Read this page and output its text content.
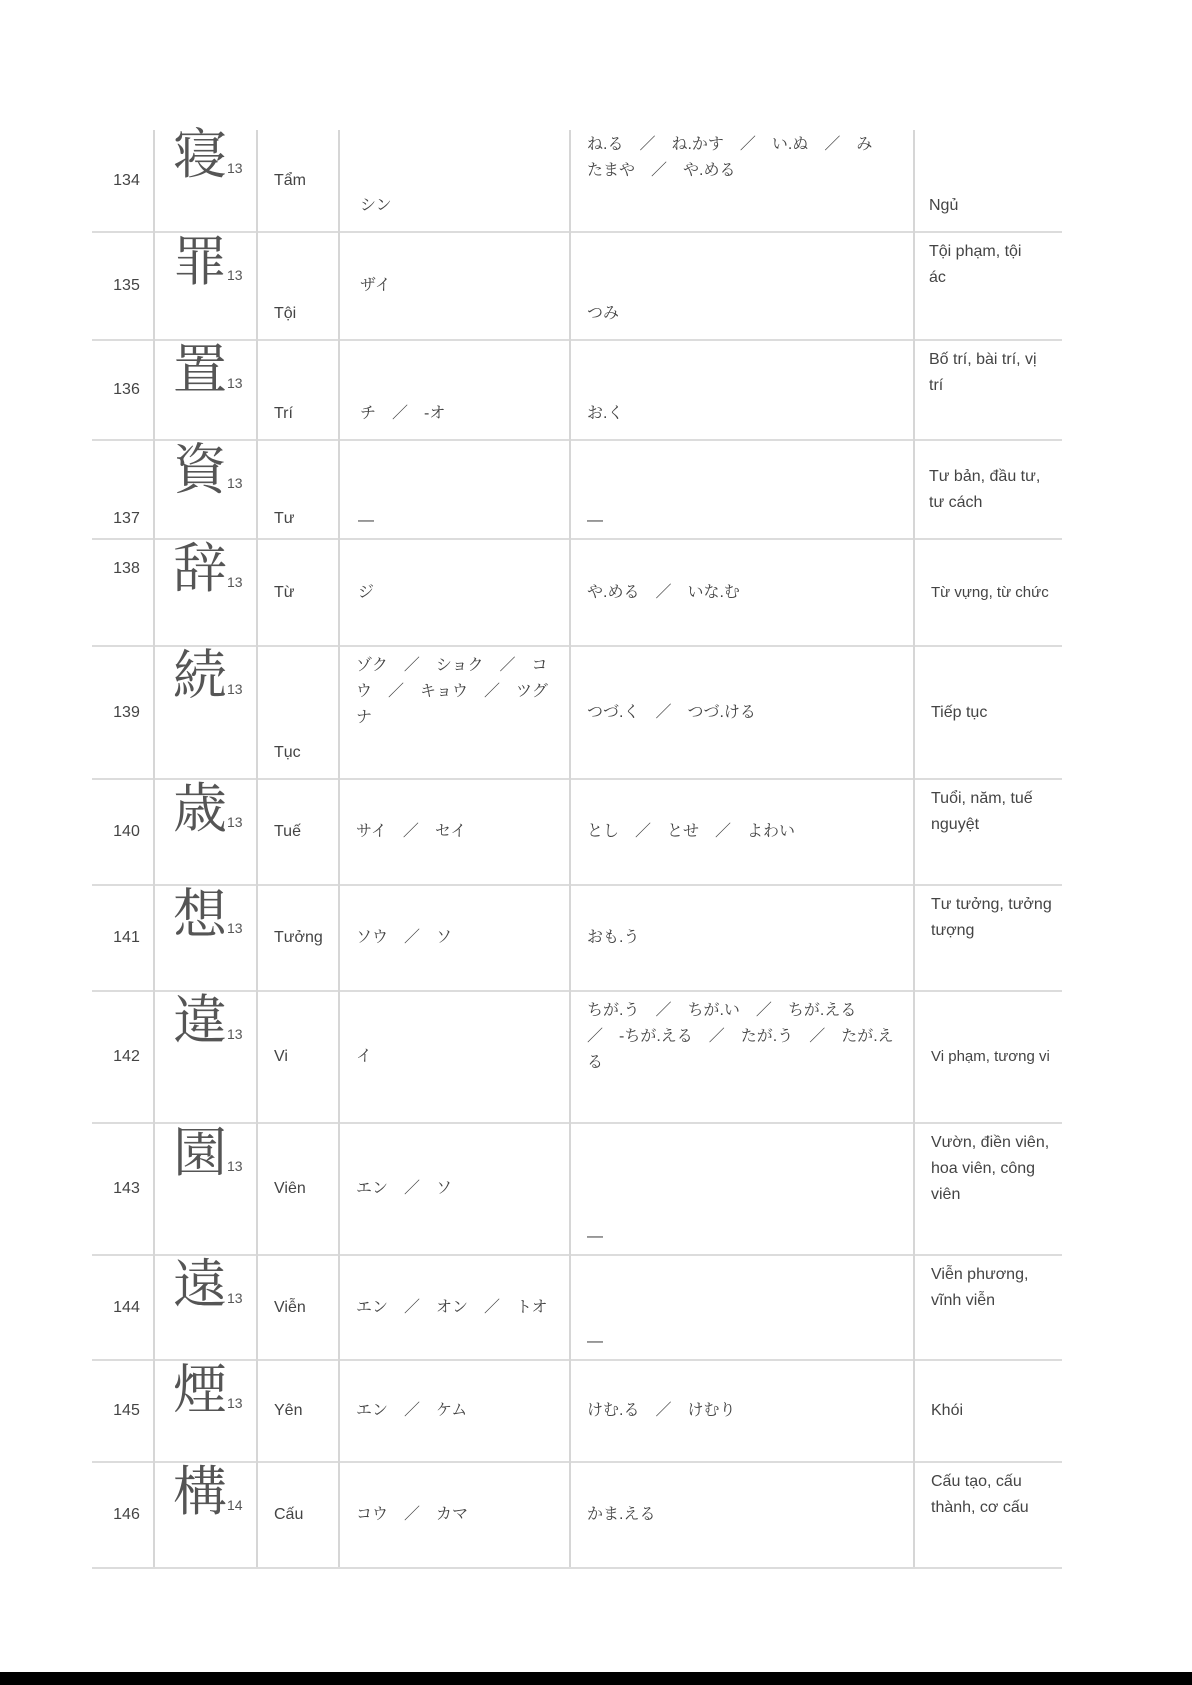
134	寝13	Tẩm	シン	ね.る　／　ね.かす　／　い.ぬ　／　みたまや　／　や.める	Ngủ

135	罪13	Tội	ザイ	つみ	Tội phạm, tội ác

136	置13	Trí	チ　／　-オ	お.く	Bố trí, bài trí, vị trí

137	資13	Tư	—	—	Tư bản, đầu tư, tư cách

138	辞13	Từ	ジ	や.める　／　いな.む	Từ vựng, từ chức

139	続13	Tục	ゾク　／　ショク　／　コウ　／　キョウ　／　ツグナ	つづ.く　／　つづ.ける	Tiếp tục

140	歳13	Tuế	サイ　／　セイ	とし　／　とせ　／　よわい	Tuổi, năm, tuế nguyệt

141	想13	Tưởng	ソウ　／　ソ	おも.う	Tư tưởng, tưởng tượng

142	違13	Vi	イ	ちが.う　／　ちが.い　／　ちが.える　／　-ちが.える　／　たが.う　／　たが.える	Vi phạm, tương vi

143	園13	Viên	エン　／　ソ	—	Vườn, điền viên, hoa viên, công viên

144	遠13	Viễn	エン　／　オン　／　トオ	—	Viễn phương, vĩnh viễn

145	煙13	Yên	エン　／　ケム	けむ.る　／　けむり	Khói

146	構14	Cấu	コウ　／　カマ	かま.える	Cấu tạo, cấu thành, cơ cấu
